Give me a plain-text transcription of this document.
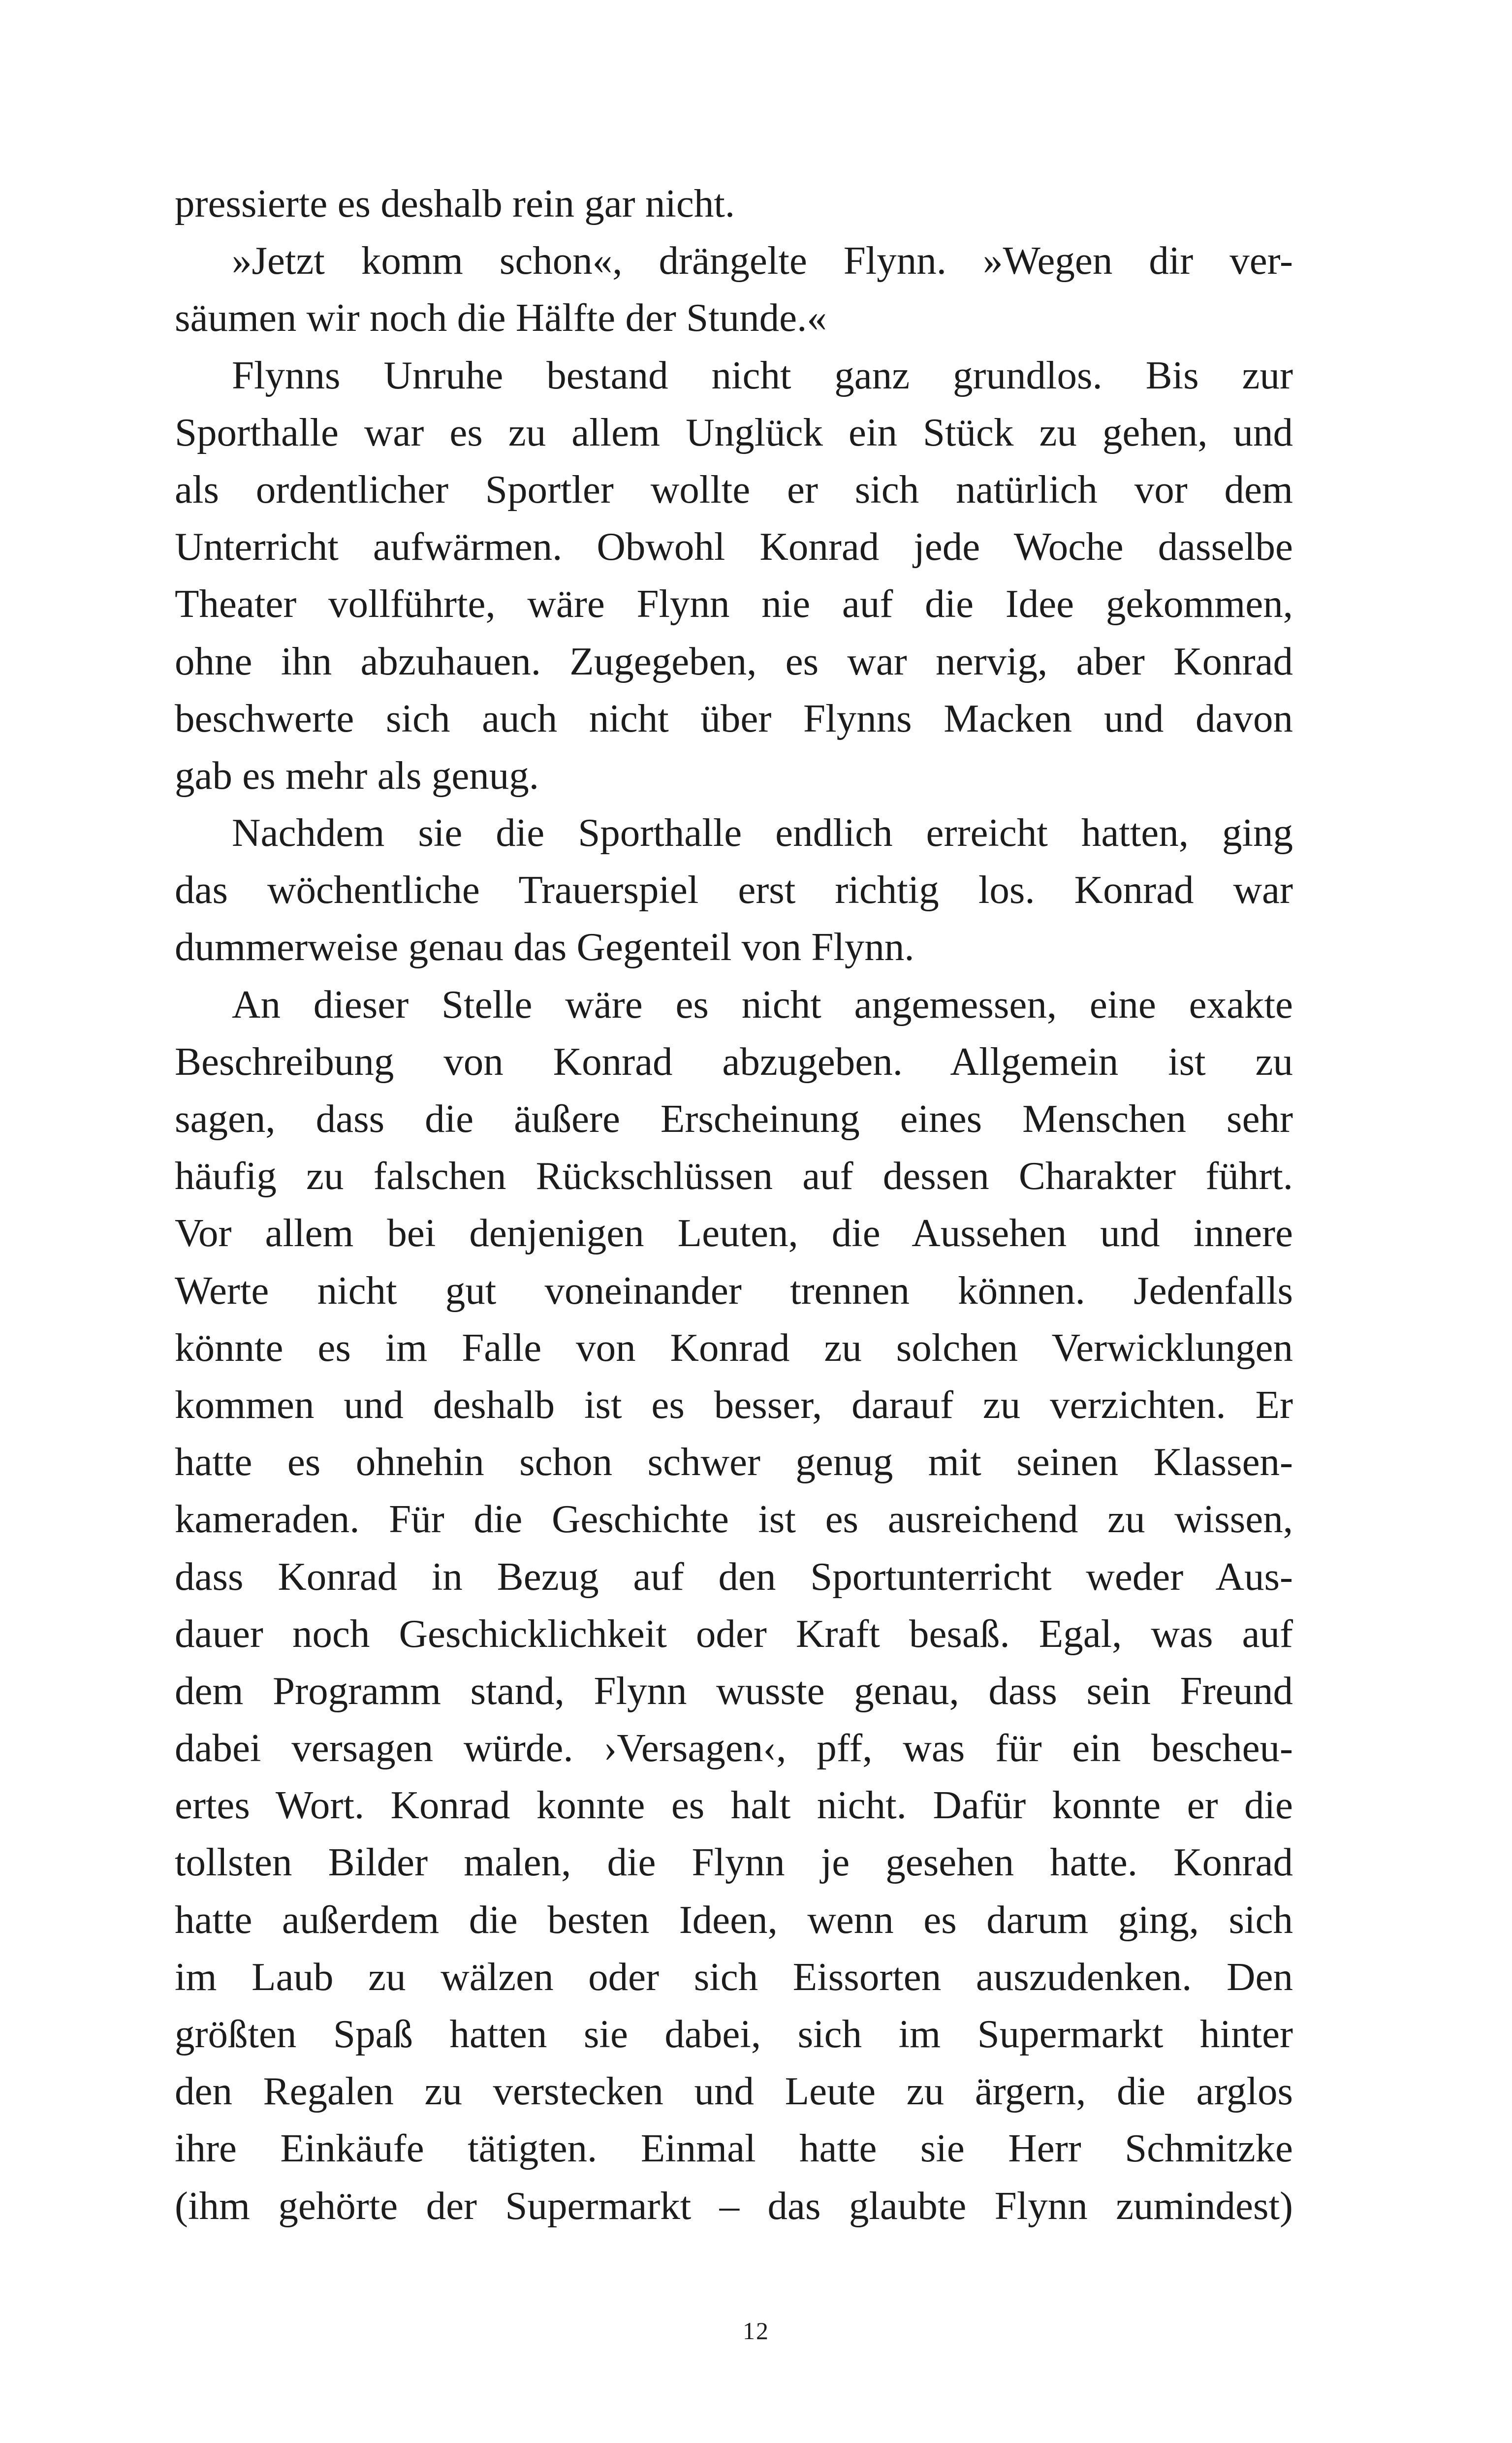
pressierte es deshalb rein gar nicht.
»Jetzt komm schon«, drängelte Flynn. »Wegen dir ver-
säumen wir noch die Hälfte der Stunde.«
Flynns Unruhe bestand nicht ganz grundlos. Bis zur
Sporthalle war es zu allem Unglück ein Stück zu gehen, und
als ordentlicher Sportler wollte er sich natürlich vor dem
Unterricht aufwärmen. Obwohl Konrad jede Woche dasselbe
Theater vollführte, wäre Flynn nie auf die Idee gekommen,
ohne ihn abzuhauen. Zugegeben, es war nervig, aber Konrad
beschwerte sich auch nicht über Flynns Macken und davon
gab es mehr als genug.
Nachdem sie die Sporthalle endlich erreicht hatten, ging
das wöchentliche Trauerspiel erst richtig los. Konrad war
dummerweise genau das Gegenteil von Flynn.
An dieser Stelle wäre es nicht angemessen, eine exakte
Beschreibung von Konrad abzugeben. Allgemein ist zu
sagen, dass die äußere Erscheinung eines Menschen sehr
häufig zu falschen Rückschlüssen auf dessen Charakter führt.
Vor allem bei denjenigen Leuten, die Aussehen und innere
Werte nicht gut voneinander trennen können. Jedenfalls
könnte es im Falle von Konrad zu solchen Verwicklungen
kommen und deshalb ist es besser, darauf zu verzichten. Er
hatte es ohnehin schon schwer genug mit seinen Klassen-
kameraden. Für die Geschichte ist es ausreichend zu wissen,
dass Konrad in Bezug auf den Sportunterricht weder Aus-
dauer noch Geschicklichkeit oder Kraft besaß. Egal, was auf
dem Programm stand, Flynn wusste genau, dass sein Freund
dabei versagen würde. ›Versagen‹, pff, was für ein bescheu-
ertes Wort. Konrad konnte es halt nicht. Dafür konnte er die
tollsten Bilder malen, die Flynn je gesehen hatte. Konrad
hatte außerdem die besten Ideen, wenn es darum ging, sich
im Laub zu wälzen oder sich Eissorten auszudenken. Den
größten Spaß hatten sie dabei, sich im Supermarkt hinter
den Regalen zu verstecken und Leute zu ärgern, die arglos
ihre Einkäufe tätigten. Einmal hatte sie Herr Schmitzke
(ihm gehörte der Supermarkt – das glaubte Flynn zumindest)
12
